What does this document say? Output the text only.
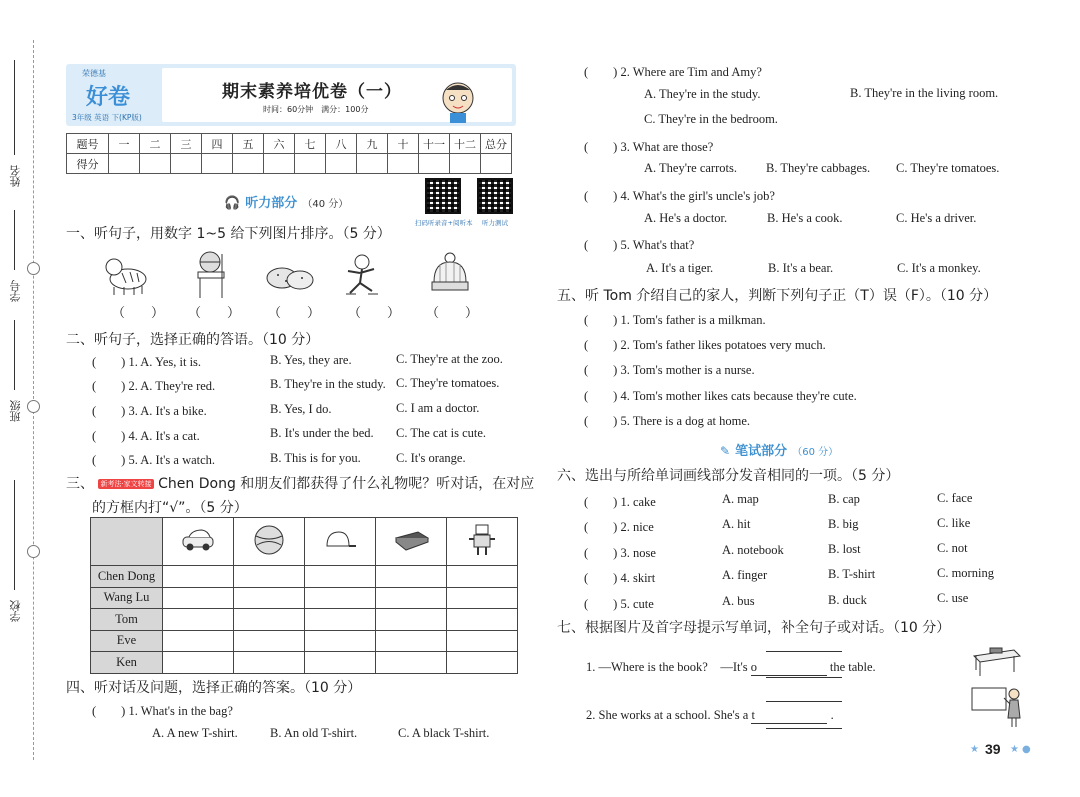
姓名
学号
班级
学校
荣德基
好卷
3年级 英语 下(KP版)
期末素养培优卷（一）
时间：60分钟　满分：100分
题号	一	二	三	四	五	六	七	八	九	十	十一	十二	总分
得分													
🎧 听力部分 （40 分）
扫码听录音+阅听本 听力测试
一、听句子，用数字 1~5 给下列图片排序。（5 分）
（　　） （　　） （　　） （　　） （　　）
二、听句子，选择正确的答语。（10 分）
(　　) 1. A. Yes, it is.	B. Yes, they are.	C. They're at the zoo.
(　　) 2. A. They're red.	B. They're in the study. C. They're tomatoes.
(　　) 3. A. It's a bike.	B. Yes, I do.	C. I am a doctor.
(　　) 4. A. It's a cat.	B. It's under the bed. C. The cat is cute.
(　　) 5. A. It's a watch.	B. This is for you.	C. It's orange.
三、 新考法·家文转接 Chen Dong 和朋友们都获得了什么礼物呢？听对话，在对应
的方框内打“√”。（5 分）

Chen Dong					
Wang Lu					
Tom					
Eve					
Ken					
四、听对话及问题，选择正确的答案。（10 分）
(　　) 1. What's in the bag?
A. A new T-shirt.	B. An old T-shirt.	C. A black T-shirt.
(　　) 2. Where are Tim and Amy?
A. They're in the study.	B. They're in the living room.
C. They're in the bedroom.
(　　) 3. What are those?
A. They're carrots. B. They're cabbages. C. They're tomatoes.
(　　) 4. What's the girl's uncle's job?
A. He's a doctor.	B. He's a cook.	C. He's a driver.
(　　) 5. What's that?
A. It's a tiger.	B. It's a bear.	C. It's a monkey.
五、听 Tom 介绍自己的家人，判断下列句子正（T）误（F）。（10 分）
(　　) 1. Tom's father is a milkman.
(　　) 2. Tom's father likes potatoes very much.
(　　) 3. Tom's mother is a nurse.
(　　) 4. Tom's mother likes cats because they're cute.
(　　) 5. There is a dog at home.
✎ 笔试部分 （60 分）
六、选出与所给单词画线部分发音相同的一项。（5 分）
(　　) 1. cake	A. map	B. cap	C. face
(　　) 2. nice	A. hit	B. big	C. like
(　　) 3. nose	A. notebook	B. lost	C. not
(　　) 4. skirt	A. finger	B. T-shirt	C. morning
(　　) 5. cute	A. bus	B. duck	C. use
七、根据图片及首字母提示写单词，补全句子或对话。（10 分）
1. —Where is the book?　—It's o	the table.
2. She works at a school. She's a t	.
★ 39 ★ ●
